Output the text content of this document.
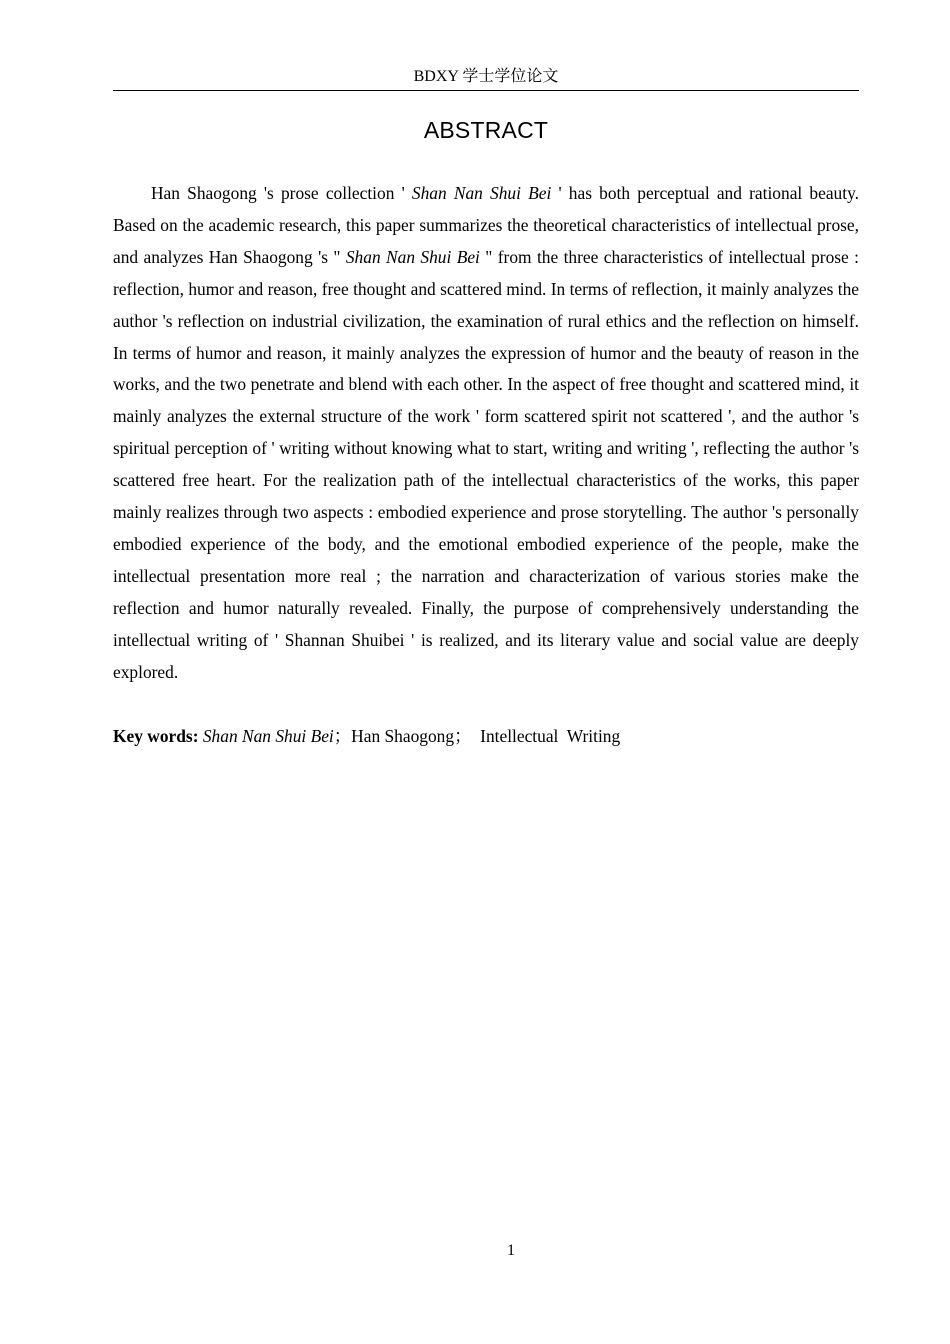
BDXY 学士学位论文
ABSTRACT

Han Shaogong 's prose collection ' Shan Nan Shui Bei ' has both perceptual and rational beauty. Based on the academic research, this paper summarizes the theoretical characteristics of intellectual prose, and analyzes Han Shaogong 's " Shan Nan Shui Bei " from the three characteristics of intellectual prose : reflection, humor and reason, free thought and scattered mind. In terms of reflection, it mainly analyzes the author 's reflection on industrial civilization, the examination of rural ethics and the reflection on himself. In terms of humor and reason, it mainly analyzes the expression of humor and the beauty of reason in the works, and the two penetrate and blend with each other. In the aspect of free thought and scattered mind, it mainly analyzes the external structure of the work ' form scattered spirit not scattered ', and the author 's spiritual perception of ' writing without knowing what to start, writing and writing ', reflecting the author 's scattered free heart. For the realization path of the intellectual characteristics of the works, this paper mainly realizes through two aspects : embodied experience and prose storytelling. The author 's personally embodied experience of the body, and the emotional embodied experience of the people, make the intellectual presentation more real ; the narration and characterization of various stories make the reflection and humor naturally revealed. Finally, the purpose of comprehensively understanding the intellectual writing of ' Shannan Shuibei ' is realized, and its literary value and social value are deeply explored.

Key words: Shan Nan Shui Bei；Han Shaogong； Intellectual  Writing

1
